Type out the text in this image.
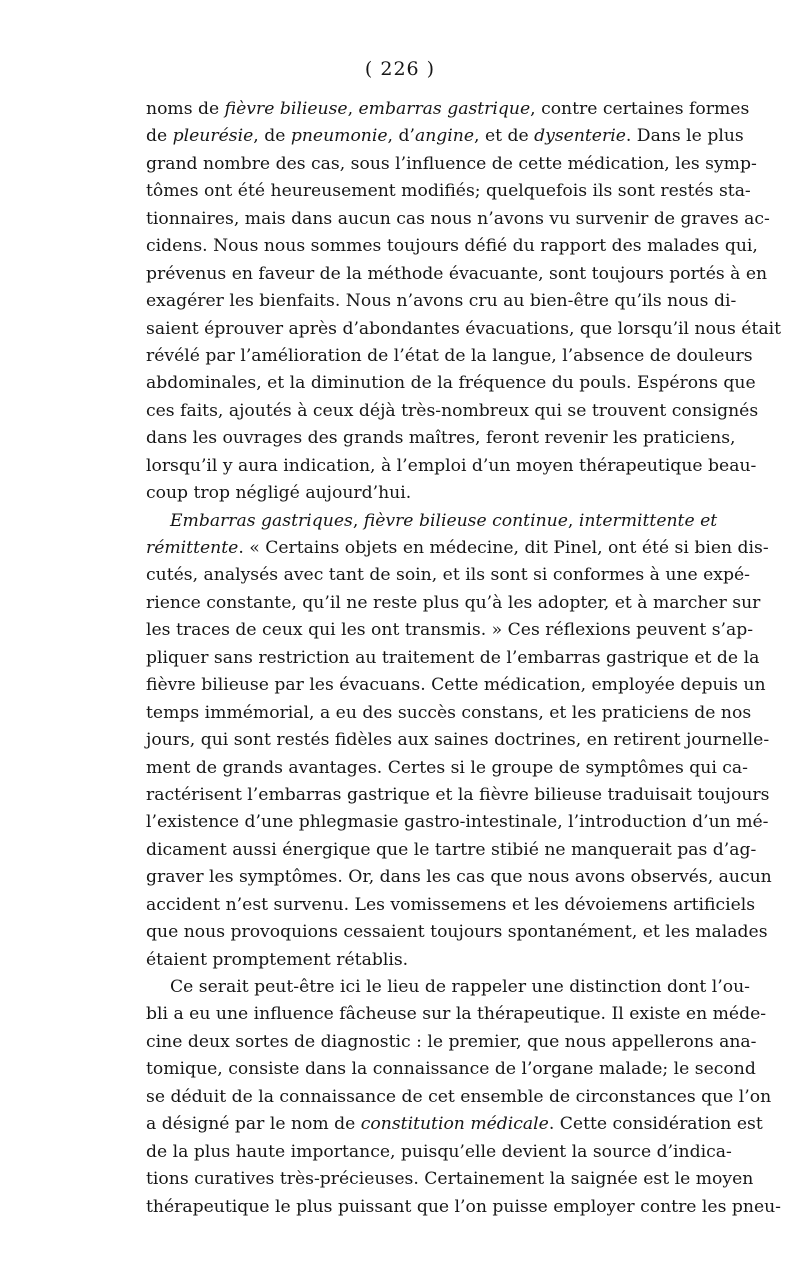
( 226 )

noms de fièvre bilieuse, embarras gastrique, contre certaines formes
de pleurésie, de pneumonie, d’angine, et de dysenterie. Dans le plus
grand nombre des cas, sous l’influence de cette médication, les symp-
tômes ont été heureusement modifiés; quelquefois ils sont restés sta-
tionnaires, mais dans aucun cas nous n’avons vu survenir de graves ac-
cidens. Nous nous sommes toujours défié du rapport des malades qui,
prévenus en faveur de la méthode évacuante, sont toujours portés à en
exagérer les bienfaits. Nous n’avons cru au bien-être qu’ils nous di-
saient éprouver après d’abondantes évacuations, que lorsqu’il nous était
révélé par l’amélioration de l’état de la langue, l’absence de douleurs
abdominales, et la diminution de la fréquence du pouls. Espérons que
ces faits, ajoutés à ceux déjà très-nombreux qui se trouvent consignés
dans les ouvrages des grands maîtres, feront revenir les praticiens,
lorsqu’il y aura indication, à l’emploi d’un moyen thérapeutique beau-
coup trop négligé aujourd’hui.
Embarras gastriques, fièvre bilieuse continue, intermittente et
rémittente. « Certains objets en médecine, dit Pinel, ont été si bien dis-
cutés, analysés avec tant de soin, et ils sont si conformes à une expé-
rience constante, qu’il ne reste plus qu’à les adopter, et à marcher sur
les traces de ceux qui les ont transmis. » Ces réflexions peuvent s’ap-
pliquer sans restriction au traitement de l’embarras gastrique et de la
fièvre bilieuse par les évacuans. Cette médication, employée depuis un
temps immémorial, a eu des succès constans, et les praticiens de nos
jours, qui sont restés fidèles aux saines doctrines, en retirent journelle-
ment de grands avantages. Certes si le groupe de symptômes qui ca-
ractérisent l’embarras gastrique et la fièvre bilieuse traduisait toujours
l’existence d’une phlegmasie gastro-intestinale, l’introduction d’un mé-
dicament aussi énergique que le tartre stibié ne manquerait pas d’ag-
graver les symptômes. Or, dans les cas que nous avons observés, aucun
accident n’est survenu. Les vomissemens et les dévoiemens artificiels
que nous provoquions cessaient toujours spontanément, et les malades
étaient promptement rétablis.
Ce serait peut-être ici le lieu de rappeler une distinction dont l’ou-
bli a eu une influence fâcheuse sur la thérapeutique. Il existe en méde-
cine deux sortes de diagnostic : le premier, que nous appellerons ana-
tomique, consiste dans la connaissance de l’organe malade; le second
se déduit de la connaissance de cet ensemble de circonstances que l’on
a désigné par le nom de constitution médicale. Cette considération est
de la plus haute importance, puisqu’elle devient la source d’indica-
tions curatives très-précieuses. Certainement la saignée est le moyen
thérapeutique le plus puissant que l’on puisse employer contre les pneu-
